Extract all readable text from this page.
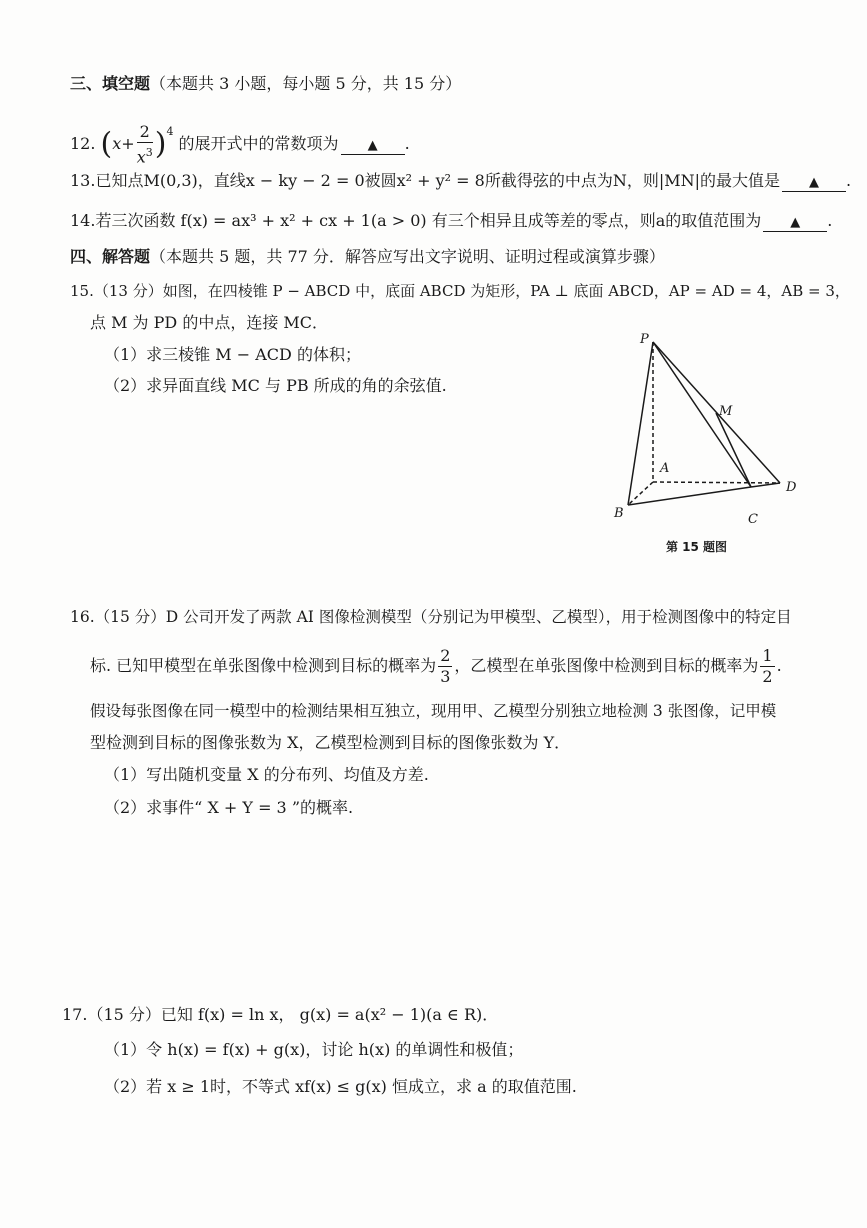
三、填空题（本题共 3 小题，每小题 5 分，共 15 分）
12. $(x+ \frac{2}{x^3} )^4$ 的展开式中的常数项为 ▲ .
13.已知点M(0,3)，直线x − ky − 2 = 0被圆x² + y² = 8所截得弦的中点为N，则|MN|的最大值是 ▲ .
14.若三次函数 f(x) = ax³ + x² + cx + 1(a > 0) 有三个相异且成等差的零点，则a的取值范围为 ▲ .
四、解答题（本题共 5 题，共 77 分．解答应写出文字说明、证明过程或演算步骤）
15.（13 分）如图，在四棱锥 P − ABCD 中，底面 ABCD 为矩形，PA ⊥ 底面 ABCD，AP = AD = 4，AB = 3，
点 M 为 PD 的中点，连接 MC．
（1）求三棱锥 M − ACD 的体积；
（2）求异面直线 MC 与 PB 所成的角的余弦值.
P
A
B	C
D
M
第 15 题图
16.（15 分）D 公司开发了两款 AI 图像检测模型（分别记为甲模型、乙模型），用于检测图像中的特定目
标. 已知甲模型在单张图像中检测到目标的概率为 $\frac{2}{3}$ ，乙模型在单张图像中检测到目标的概率为 $\frac{1}{2}$ .
假设每张图像在同一模型中的检测结果相互独立，现用甲、乙模型分别独立地检测 3 张图像，记甲模
型检测到目标的图像张数为 X，乙模型检测到目标的图像张数为 Y．
（1）写出随机变量 X 的分布列、均值及方差.
（2）求事件“ X + Y = 3 ”的概率.
17.（15 分）已知 f(x) = ln x， g(x) = a(x² − 1)(a ∈ R)．
（1）令 h(x) = f(x) + g(x)，讨论 h(x) 的单调性和极值；
（2）若 x ≥ 1时，不等式 xf(x) ≤ g(x) 恒成立，求 a 的取值范围.
